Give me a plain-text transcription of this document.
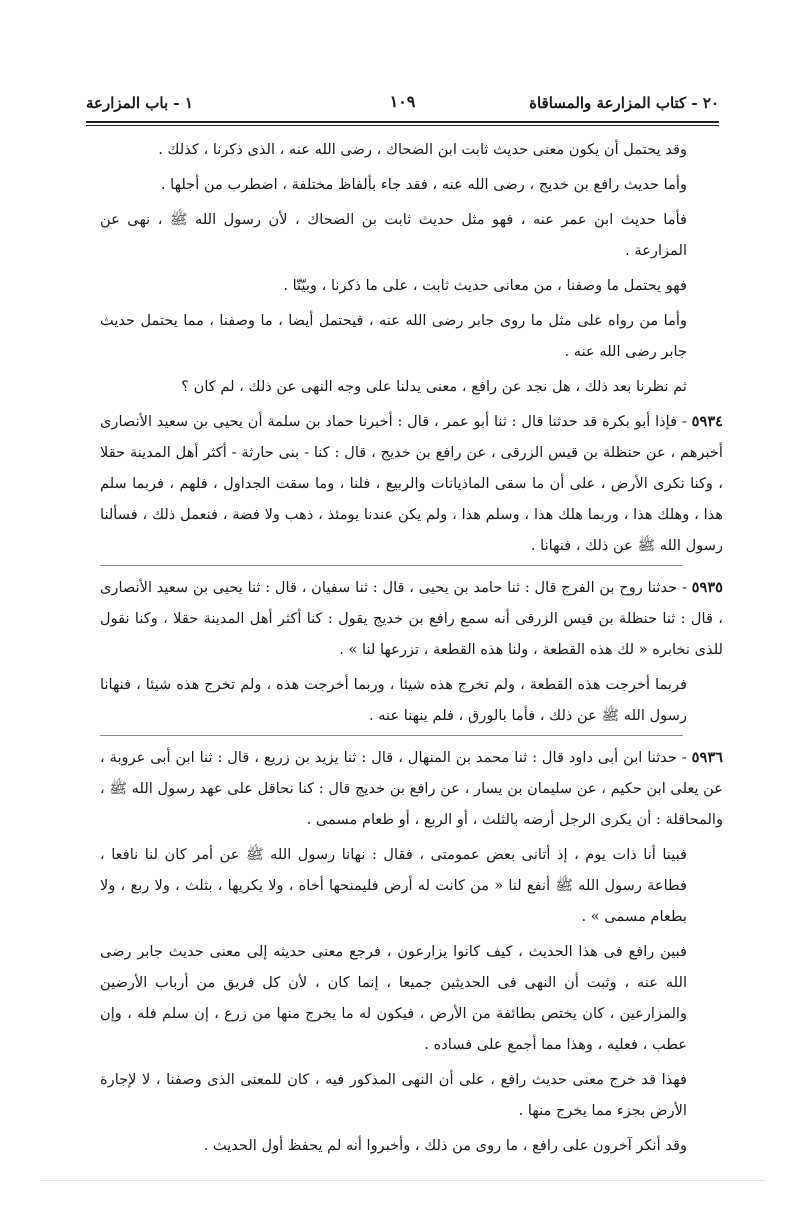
٢٠ - كتاب المزارعة والمساقاة
١٠٩
١ - باب المزارعة

وقد يحتمل أن يكون معنى حديث ثابت ابن الضحاك ، رضى الله عنه ، الذى ذكرنا ، كذلك .

وأما حديث رافع بن خديج ، رضى الله عنه ، فقد جاء بألفاظ مختلفة ، اضطرب من أجلها .

فأما حديث ابن عمر عنه ، فهو مثل حديث ثابت بن الضحاك ، لأن رسول الله ﷺ ، نهى عن المزارعة .

فهو يحتمل ما وصفنا ، من معانى حديث ثابت ، على ما ذكرنا ، وبيّنّا .

وأما من رواه على مثل ما روى جابر رضى الله عنه ، فيحتمل أيضا ، ما وصفنا ، مما يحتمل حديث جابر رضى الله عنه .

ثم نظرنا بعد ذلك ، هل نجد عن رافع ، معنى يدلنا على وجه النهى عن ذلك ، لم كان ؟

٥٩٣٤ - فإذا أبو بكرة قد حدثنا قال : ثنا أبو عمر ، قال : أخبرنا حماد بن سلمة أن يحيى بن سعيد الأنصارى أخبرهم ، عن حنظلة بن قيس الزرقى ، عن رافع بن خديج ، قال : كنا - بنى حارثة - أكثر أهل المدينة حقلا ، وكنا نكرى الأرض ، على أن ما سقى الماذيانات والربيع ، فلنا ، وما سقت الجداول ، فلهم ، فربما سلم هذا ، وهلك هذا ، وربما هلك هذا ، وسلم هذا ، ولم يكن عندنا يومئذ ، ذهب ولا فضة ، فنعمل ذلك ، فسألنا رسول الله ﷺ عن ذلك ، فنهانا .

٥٩٣٥ - حدثنا روح بن الفرج قال : ثنا حامد بن يحيى ، قال : ثنا سفيان ، قال : ثنا يحيى بن سعيد الأنصارى ، قال : ثنا حنظلة بن قيس الزرقى أنه سمع رافع بن خديج يقول : كنا أكثر أهل المدينة حقلا ، وكنا نقول للذى نخابره « لك هذه القطعة ، ولنا هذه القطعة ، تزرعها لنا » .

فربما أخرجت هذه القطعة ، ولم تخرج هذه شيئا ، وربما أخرجت هذه ، ولم تخرج هذه شيئا ، فنهانا رسول الله ﷺ عن ذلك ، فأما بالورق ، فلم ينهنا عنه .

٥٩٣٦ - حدثنا ابن أبى داود قال : ثنا محمد بن المنهال ، قال : ثنا يزيد بن زريع ، قال : ثنا ابن أبى عروبة ، عن يعلى ابن حكيم ، عن سليمان بن يسار ، عن رافع بن خديج قال : كنا نحاقل على عهد رسول الله ﷺ ، والمحاقلة : أن يكرى الرجل أرضه بالثلث ، أو الربع ، أو طعام مسمى .

فبينا أنا ذات يوم ، إذ أتانى بعض عمومتى ، فقال : نهانا رسول الله ﷺ عن أمر كان لنا نافعا ، فطاعة رسول الله ﷺ أنفع لنا « من كانت له أرض فليمنحها أخاه ، ولا يكريها ، بثلث ، ولا ربع ، ولا بطعام مسمى » .

فبين رافع فى هذا الحديث ، كيف كانوا يزارعون ، فرجع معنى حديثه إلى معنى حديث جابر رضى الله عنه ، وثبت أن النهى فى الحديثين جميعا ، إنما كان ، لأن كل فريق من أرباب الأرضين والمزارعين ، كان يختص بطائفة من الأرض ، فيكون له ما يخرج منها من زرع ، إن سلم فله ، وإن عطب ، فعليه ، وهذا مما أجمع على فساده .

فهذا قد خرج معنى حديث رافع ، على أن النهى المذكور فيه ، كان للمعنى الذى وصفنا ، لا لإجارة الأرض بجزء مما يخرج منها .

وقد أنكر آخرون على رافع ، ما روى من ذلك ، وأخبروا أنه لم يحفظ أول الحديث .
